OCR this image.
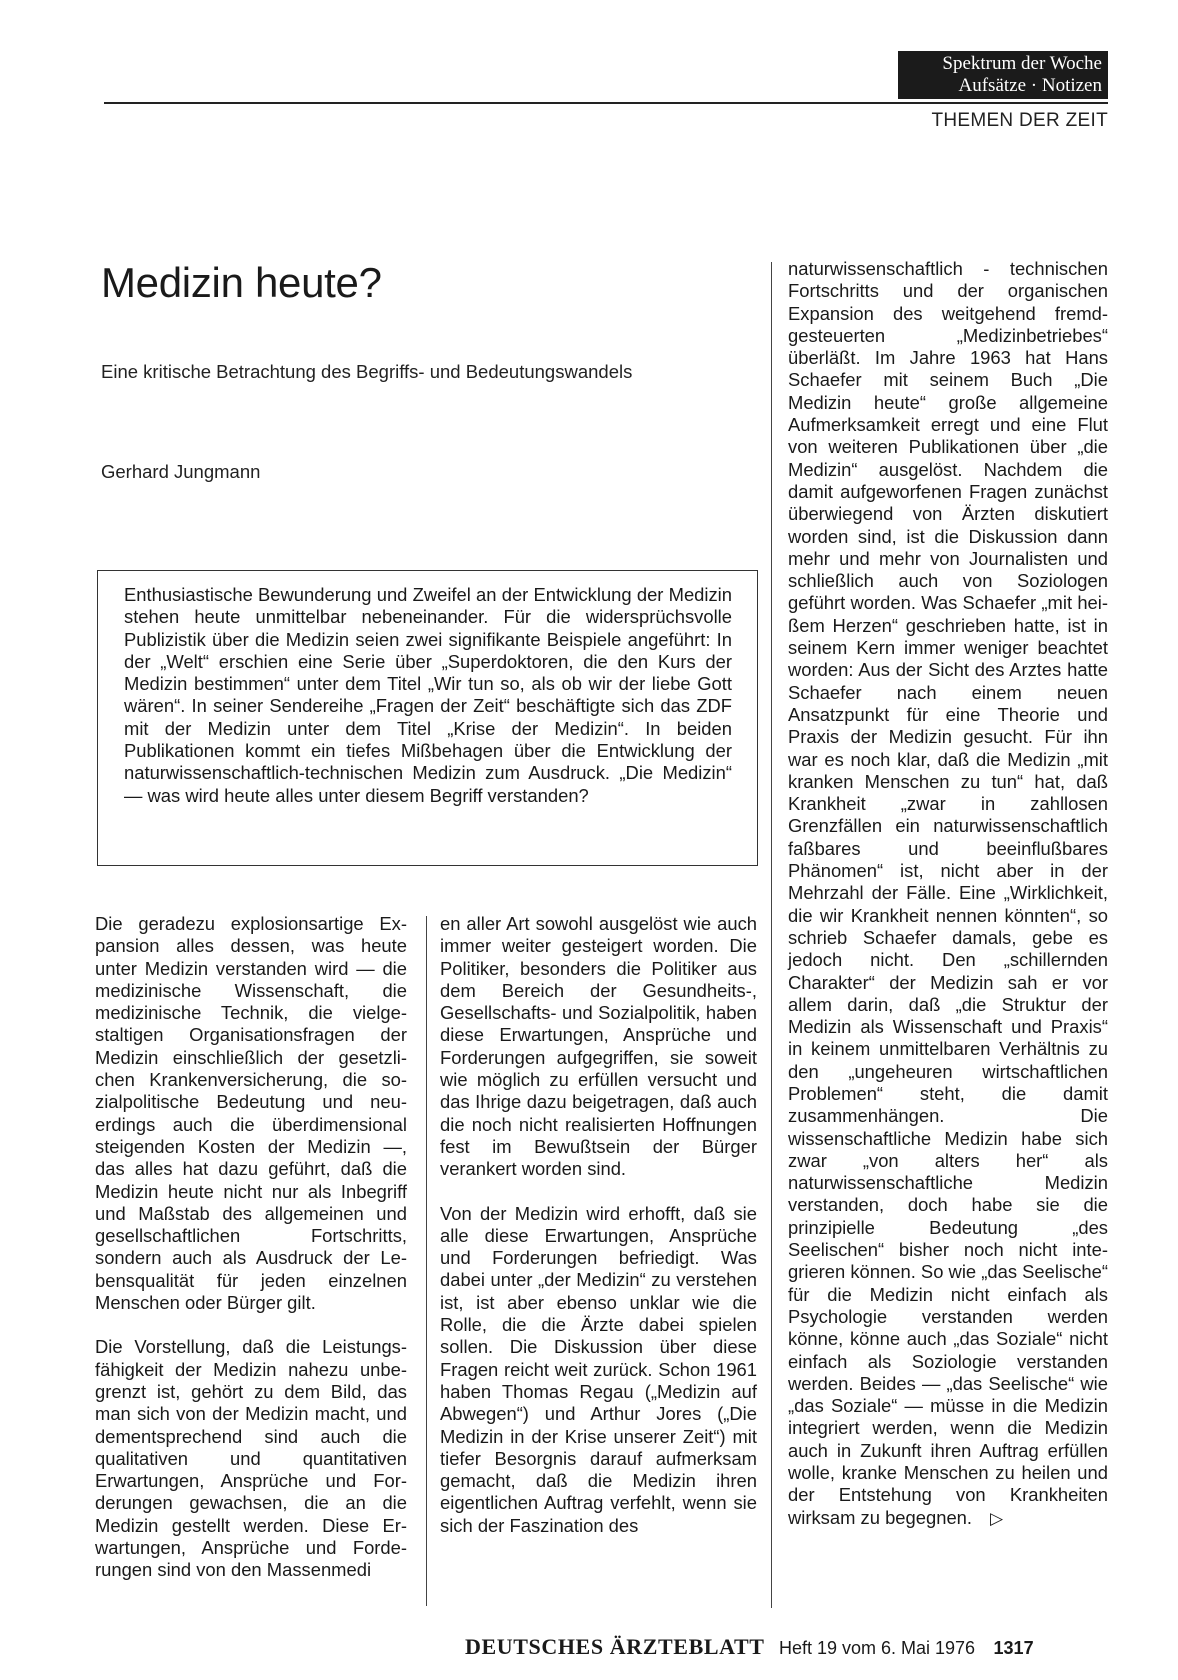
Spektrum der Woche
Aufsätze · Notizen
THEMEN DER ZEIT
Medizin heute?
Eine kritische Betrachtung des Begriffs- und Bedeutungswandels
Gerhard Jungmann
Enthusiastische Bewunderung und Zweifel an der Entwicklung der Medizin stehen heute unmittelbar nebeneinander. Für die widersprüchsvolle Publizistik über die Medizin seien zwei signifikante Beispiele angeführt: In der „Welt“ erschien eine Serie über „Superdoktoren, die den Kurs der Medizin bestimmen“ unter dem Titel „Wir tun so, als ob wir der liebe Gott wären“. In seiner Sendereihe „Fragen der Zeit“ beschäftigte sich das ZDF mit der Medizin unter dem Titel „Krise der Medizin“. In beiden Publikationen kommt ein tiefes Mißbehagen über die Entwicklung der naturwissenschaftlich-technischen Medizin zum Ausdruck. „Die Medizin“ — was wird heute alles unter diesem Begriff verstanden?

Die geradezu explosionsartige Expansion alles dessen, was heute unter Medizin verstanden wird — die medizinische Wissenschaft, die medizinische Technik, die vielgestaltigen Organisationsfragen der Medizin einschließlich der gesetzlichen Krankenversicherung, die sozialpolitische Bedeutung und neuerdings auch die überdimensional steigenden Kosten der Medizin —, das alles hat dazu geführt, daß die Medizin heute nicht nur als Inbegriff und Maßstab des allgemeinen und gesellschaftlichen Fortschritts, sondern auch als Ausdruck der Lebensqualität für jeden einzelnen Menschen oder Bürger gilt.

Die Vorstellung, daß die Leistungsfähigkeit der Medizin nahezu unbegrenzt ist, gehört zu dem Bild, das man sich von der Medizin macht, und dementsprechend sind auch die qualitativen und quantitativen Erwartungen, Ansprüche und Forderungen gewachsen, die an die Medizin gestellt werden. Diese Erwartungen, Ansprüche und Forderungen sind von den Massenmedi

en aller Art sowohl ausgelöst wie auch immer weiter gesteigert worden. Die Politiker, besonders die Politiker aus dem Bereich der Gesundheits-, Gesellschafts- und Sozialpolitik, haben diese Erwartungen, Ansprüche und Forderungen aufgegriffen, sie soweit wie möglich zu erfüllen versucht und das Ihrige dazu beigetragen, daß auch die noch nicht realisierten Hoffnungen fest im Bewußtsein der Bürger verankert worden sind.

Von der Medizin wird erhofft, daß sie alle diese Erwartungen, Ansprüche und Forderungen befriedigt. Was dabei unter „der Medizin“ zu verstehen ist, ist aber ebenso unklar wie die Rolle, die die Ärzte dabei spielen sollen. Die Diskussion über diese Fragen reicht weit zurück. Schon 1961 haben Thomas Regau („Medizin auf Abwegen“) und Arthur Jores („Die Medizin in der Krise unserer Zeit“) mit tiefer Besorgnis darauf aufmerksam gemacht, daß die Medizin ihren eigentlichen Auftrag verfehlt, wenn sie sich der Faszination des

naturwissenschaftlich - technischen Fortschritts und der organischen Expansion des weitgehend fremdgesteuerten „Medizinbetriebes“ überläßt. Im Jahre 1963 hat Hans Schaefer mit seinem Buch „Die Medizin heute“ große allgemeine Aufmerksamkeit erregt und eine Flut von weiteren Publikationen über „die Medizin“ ausgelöst. Nachdem die damit aufgeworfenen Fragen zunächst überwiegend von Ärzten diskutiert worden sind, ist die Diskussion dann mehr und mehr von Journalisten und schließlich auch von Soziologen geführt worden. Was Schaefer „mit heißem Herzen“ geschrieben hatte, ist in seinem Kern immer weniger beachtet worden: Aus der Sicht des Arztes hatte Schaefer nach einem neuen Ansatzpunkt für eine Theorie und Praxis der Medizin gesucht. Für ihn war es noch klar, daß die Medizin „mit kranken Menschen zu tun“ hat, daß Krankheit „zwar in zahllosen Grenzfällen ein naturwissenschaftlich faßbares und beeinflußbares Phänomen“ ist, nicht aber in der Mehrzahl der Fälle. Eine „Wirklichkeit, die wir Krankheit nennen könnten“, so schrieb Schaefer damals, gebe es jedoch nicht. Den „schillernden Charakter“ der Medizin sah er vor allem darin, daß „die Struktur der Medizin als Wissenschaft und Praxis“ in keinem unmittelbaren Verhältnis zu den „ungeheuren wirtschaftlichen Problemen“ steht, die damit zusammenhängen. Die wissenschaftliche Medizin habe sich zwar „von alters her“ als naturwissenschaftliche Medizin verstanden, doch habe sie die prinzipielle Bedeutung „des Seelischen“ bisher noch nicht integrieren können. So wie „das Seelische“ für die Medizin nicht einfach als Psychologie verstanden werden könne, könne auch „das Soziale“ nicht einfach als Soziologie verstanden werden. Beides — „das Seelische“ wie „das Soziale“ — müsse in die Medizin integriert werden, wenn die Medizin auch in Zukunft ihren Auftrag erfüllen wolle, kranke Menschen zu heilen und der Entstehung von Krankheiten wirksam zu begegnen. ▷

DEUTSCHES ÄRZTEBLATT Heft 19 vom 6. Mai 1976 1317
